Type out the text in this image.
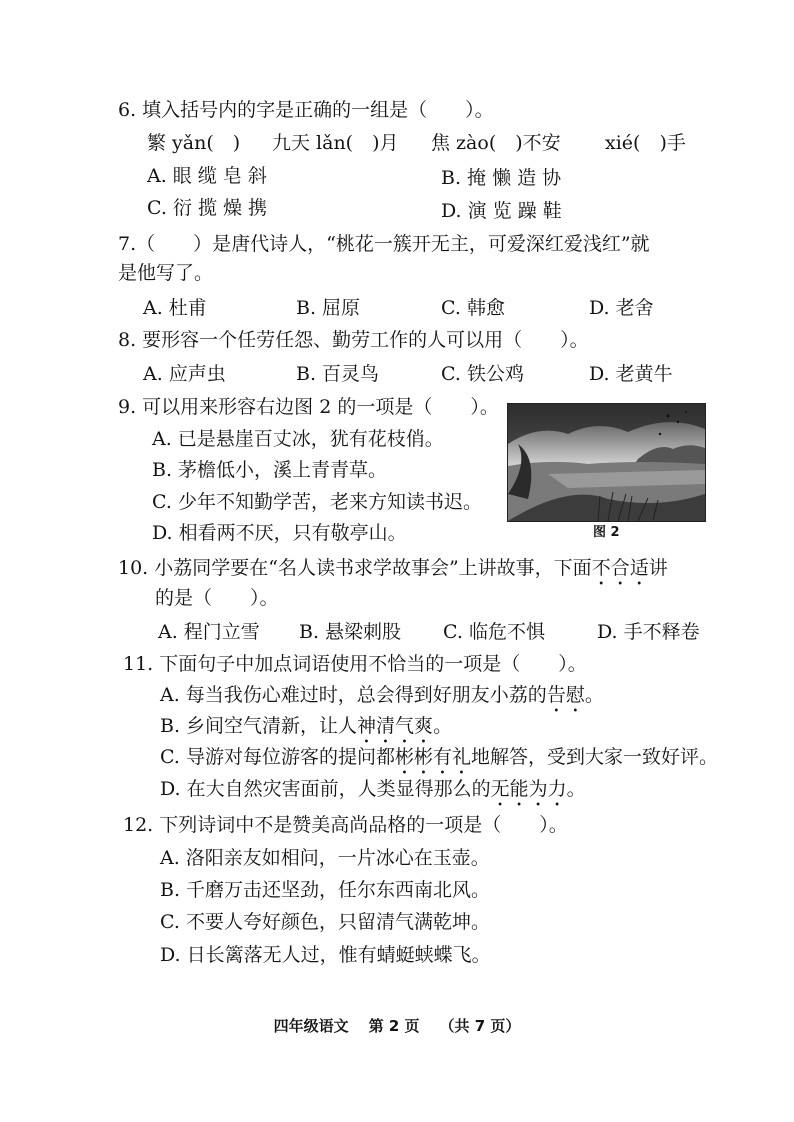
6. 填入括号内的字是正确的一组是（　　）。
繁 yǎn(　) 九天 lǎn(　)月 焦 zào(　)不安 xié(　)手
A. 眼 缆 皂 斜	B. 掩 懒 造 协
C. 衍 揽 燥 携	D. 演 览 躁 鞋
7.（　　）是唐代诗人，“桃花一簇开无主，可爱深红爱浅红”就
是他写了。
A. 杜甫	B. 屈原	C. 韩愈	D. 老舍
8. 要形容一个任劳任怨、勤劳工作的人可以用（　　）。
A. 应声虫	B. 百灵鸟	C. 铁公鸡	D. 老黄牛
9. 可以用来形容右边图 2 的一项是（　　）。
A. 已是悬崖百丈冰，犹有花枝俏。
B. 茅檐低小，溪上青青草。
C. 少年不知勤学苦，老来方知读书迟。
D. 相看两不厌，只有敬亭山。	图 2
10. 小荔同学要在“名人读书求学故事会”上讲故事，下面不合适讲
的是（　　）。
A. 程门立雪 B. 悬梁刺股 C. 临危不惧	D. 手不释卷
11. 下面句子中加点词语使用不恰当的一项是（　　）。
A. 每当我伤心难过时，总会得到好朋友小荔的告慰。
B. 乡间空气清新，让人神清气爽。
C. 导游对每位游客的提问都彬彬有礼地解答，受到大家一致好评。
D. 在大自然灾害面前，人类显得那么的无能为力。
12. 下列诗词中不是赞美高尚品格的一项是（　　）。
A. 洛阳亲友如相问，一片冰心在玉壶。
B. 千磨万击还坚劲，任尔东西南北风。
C. 不要人夸好颜色，只留清气满乾坤。
D. 日长篱落无人过，惟有蜻蜓蛱蝶飞。
四年级语文 第 2 页 （共 7 页）
